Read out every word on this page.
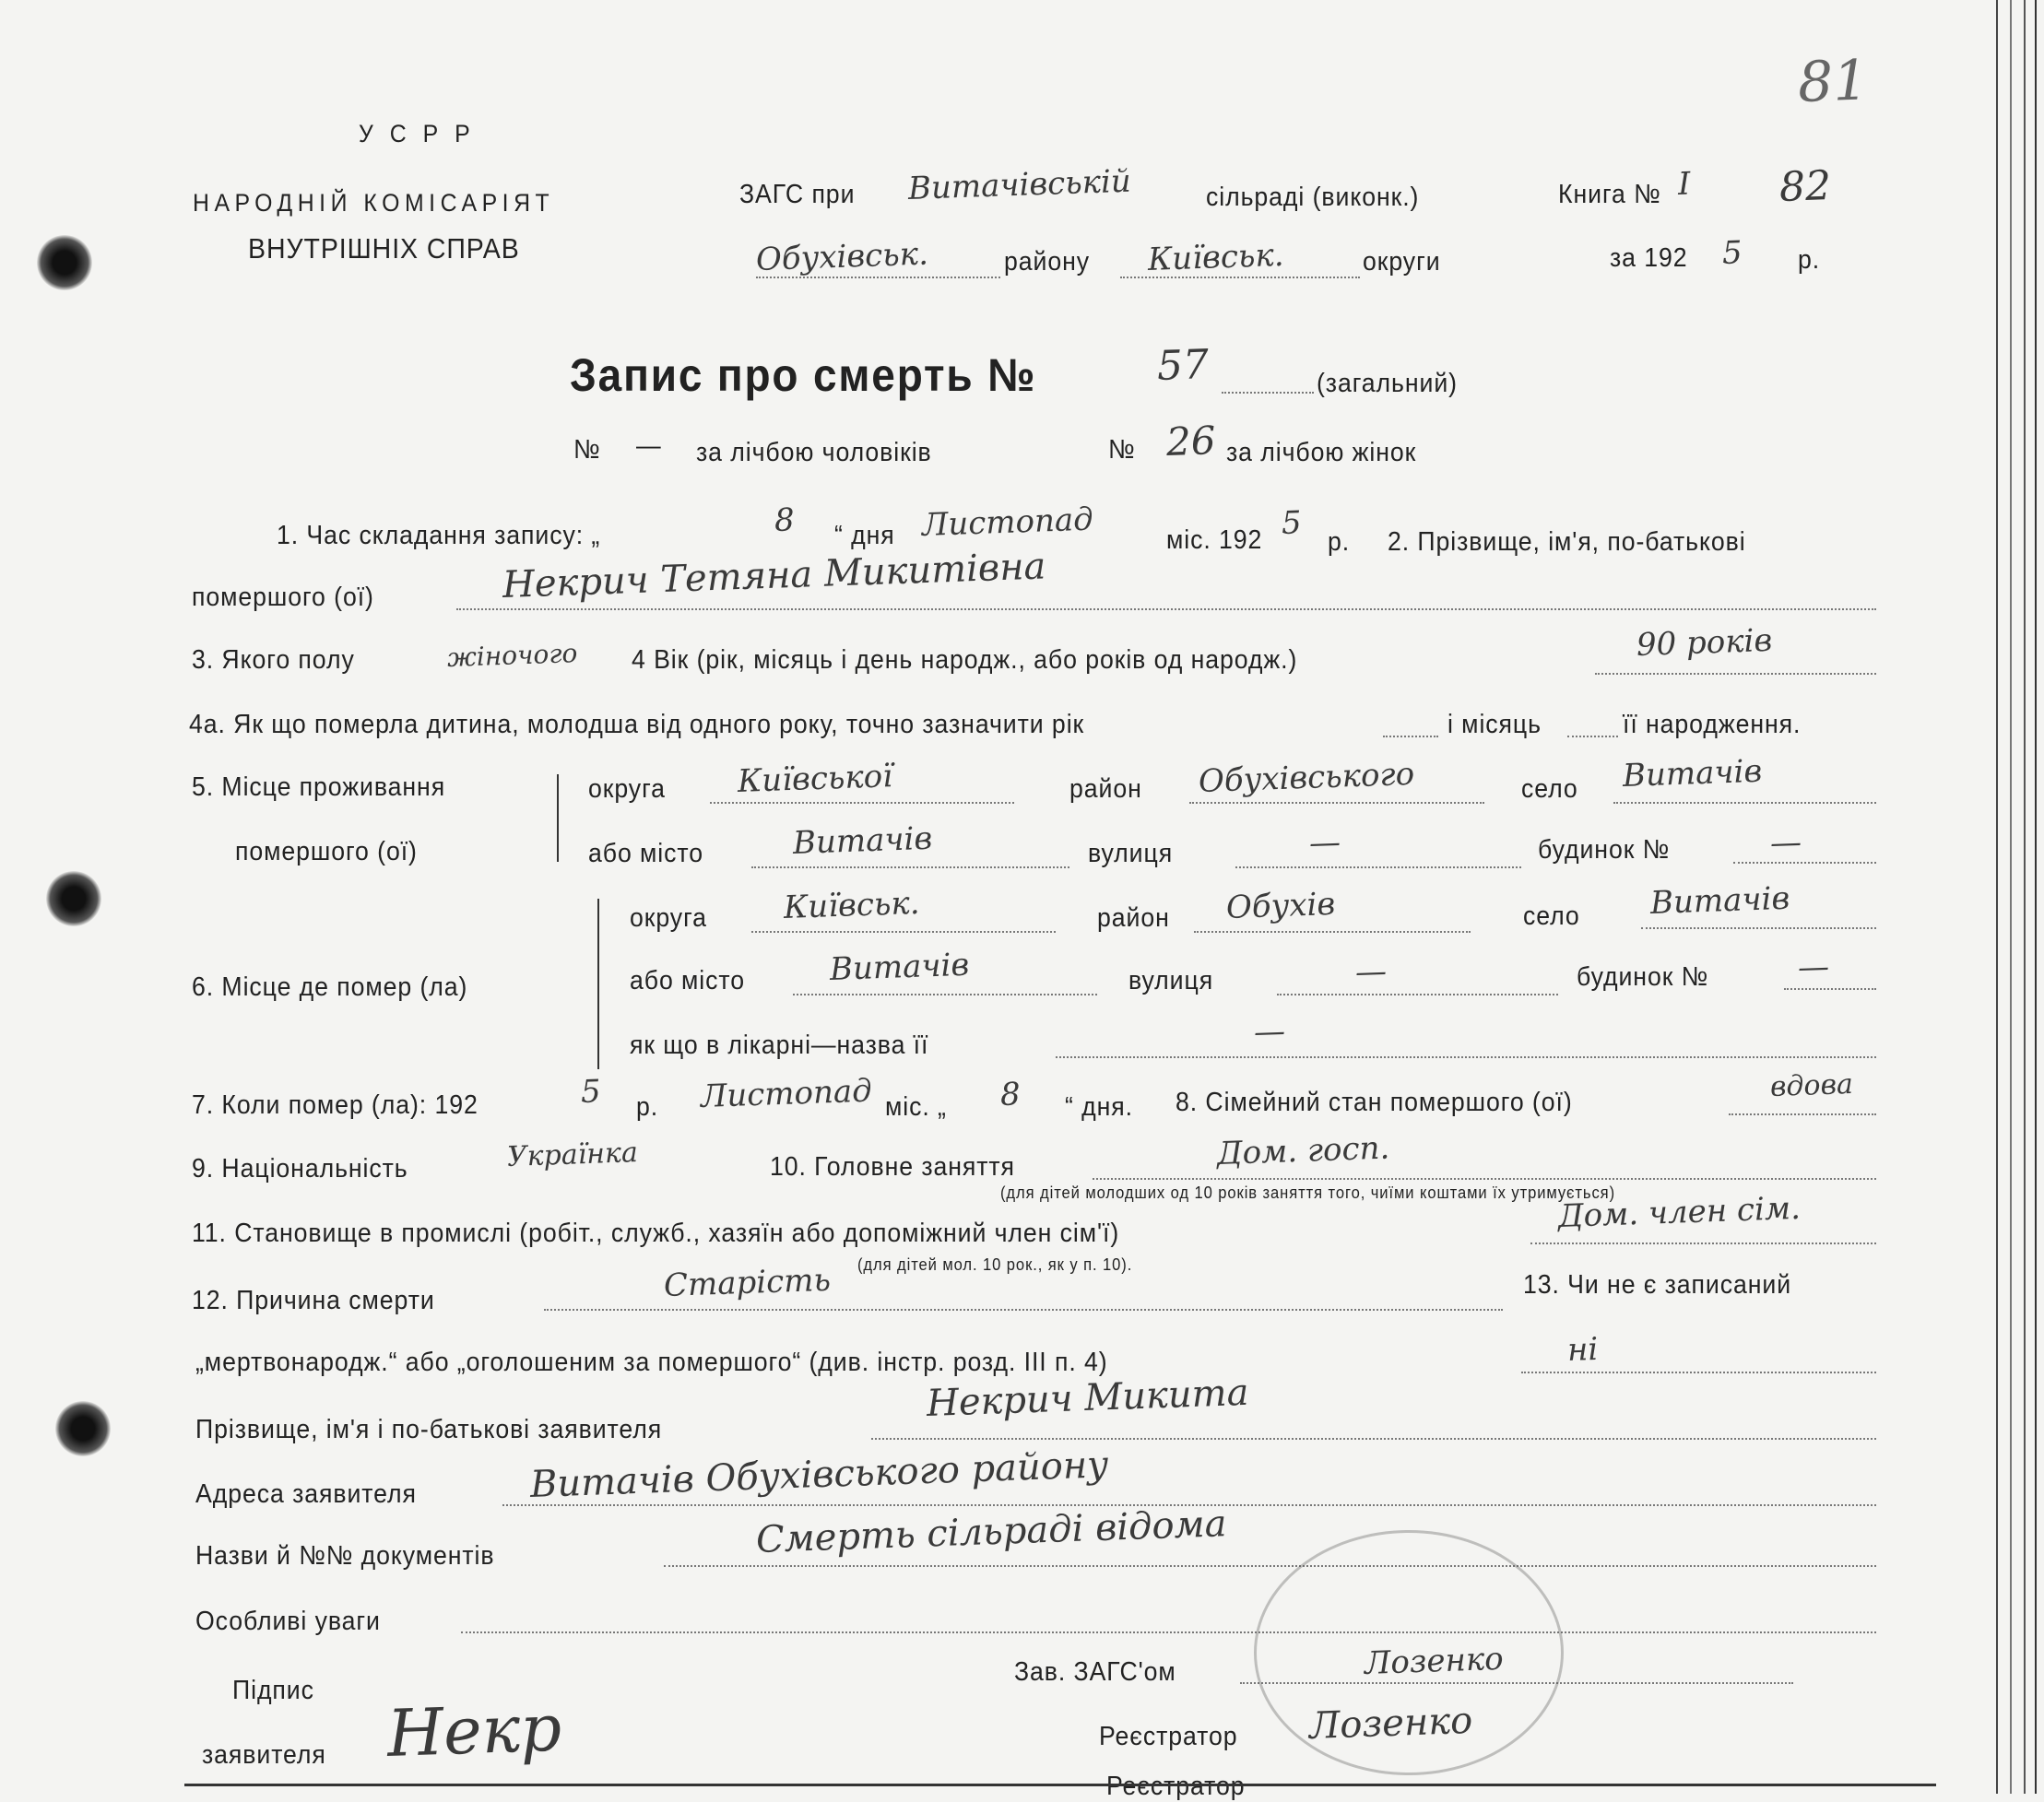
У С Р Р
НАРОДНІЙ КОМІСАРІЯТ
ВНУТРІШНІХ СПРАВ
ЗАГС при Витачівській	сільраді (виконк.)	Книга № I 82
81
Обухівськ.	району Київськ.	округи	за 192 5 р.
Запис про смерть №	57	(загальний)
№ — за лічбою чоловіків	№ 26 за лічбою жінок
1. Час складання запису: „	8 “ дня Листопад	міс. 192 5
р. 2. Прізвище, ім'я, по-батькові
помершого (ої)	Некрич Тетяна Микитівна
3. Якого полу	жіночого 4 Вік (рік, місяць і день народж., або років од народж.)	90 років
4а. Як що померла дитина, молодша від одного року, точно зазначити рік	і місяць	її народження.
5. Місце проживання
помершого (ої)
округа Київської	район Обухівського	село Витачів
або місто	Витачів	вулиця	—	будинок №	—
6. Місце де помер (ла)
округа Київськ.	район Обухів	село Витачів
або місто	Витачів	вулиця	—	будинок №	—
як що в лікарні—назва її	—
7. Коли помер (ла): 192	5 р. Листопад міс. „ 8 “ дня. 8. Сімейний стан помершого (ої)	вдова
9. Національність	Українка	10. Головне заняття	Дом. госп.
(для дітей молодших од 10 років заняття того, чиїми коштами їх утримується)
11. Становище в промислі (робіт., служб., хазяїн або допоміжний член сім'ї)	Дом. член сім.
(для дітей мол. 10 рок., як у п. 10).
12. Причина смерти	Старість	13. Чи не є записаний
„мертвонародж.“ або „оголошеним за помершого“ (див. інстр. розд. III п. 4)	ні
Прізвище, ім'я і по-батькові заявителя
Некрич Микита
Адреса заявителя	Витачів Обухівського району
Назви й №№ документів	Смерть сільраді відома
Особливі уваги
Підпис
заявителя Некр
Зав. ЗАГС'ом	Лозенко
Реєстратор Лозенко
Реєстратор
